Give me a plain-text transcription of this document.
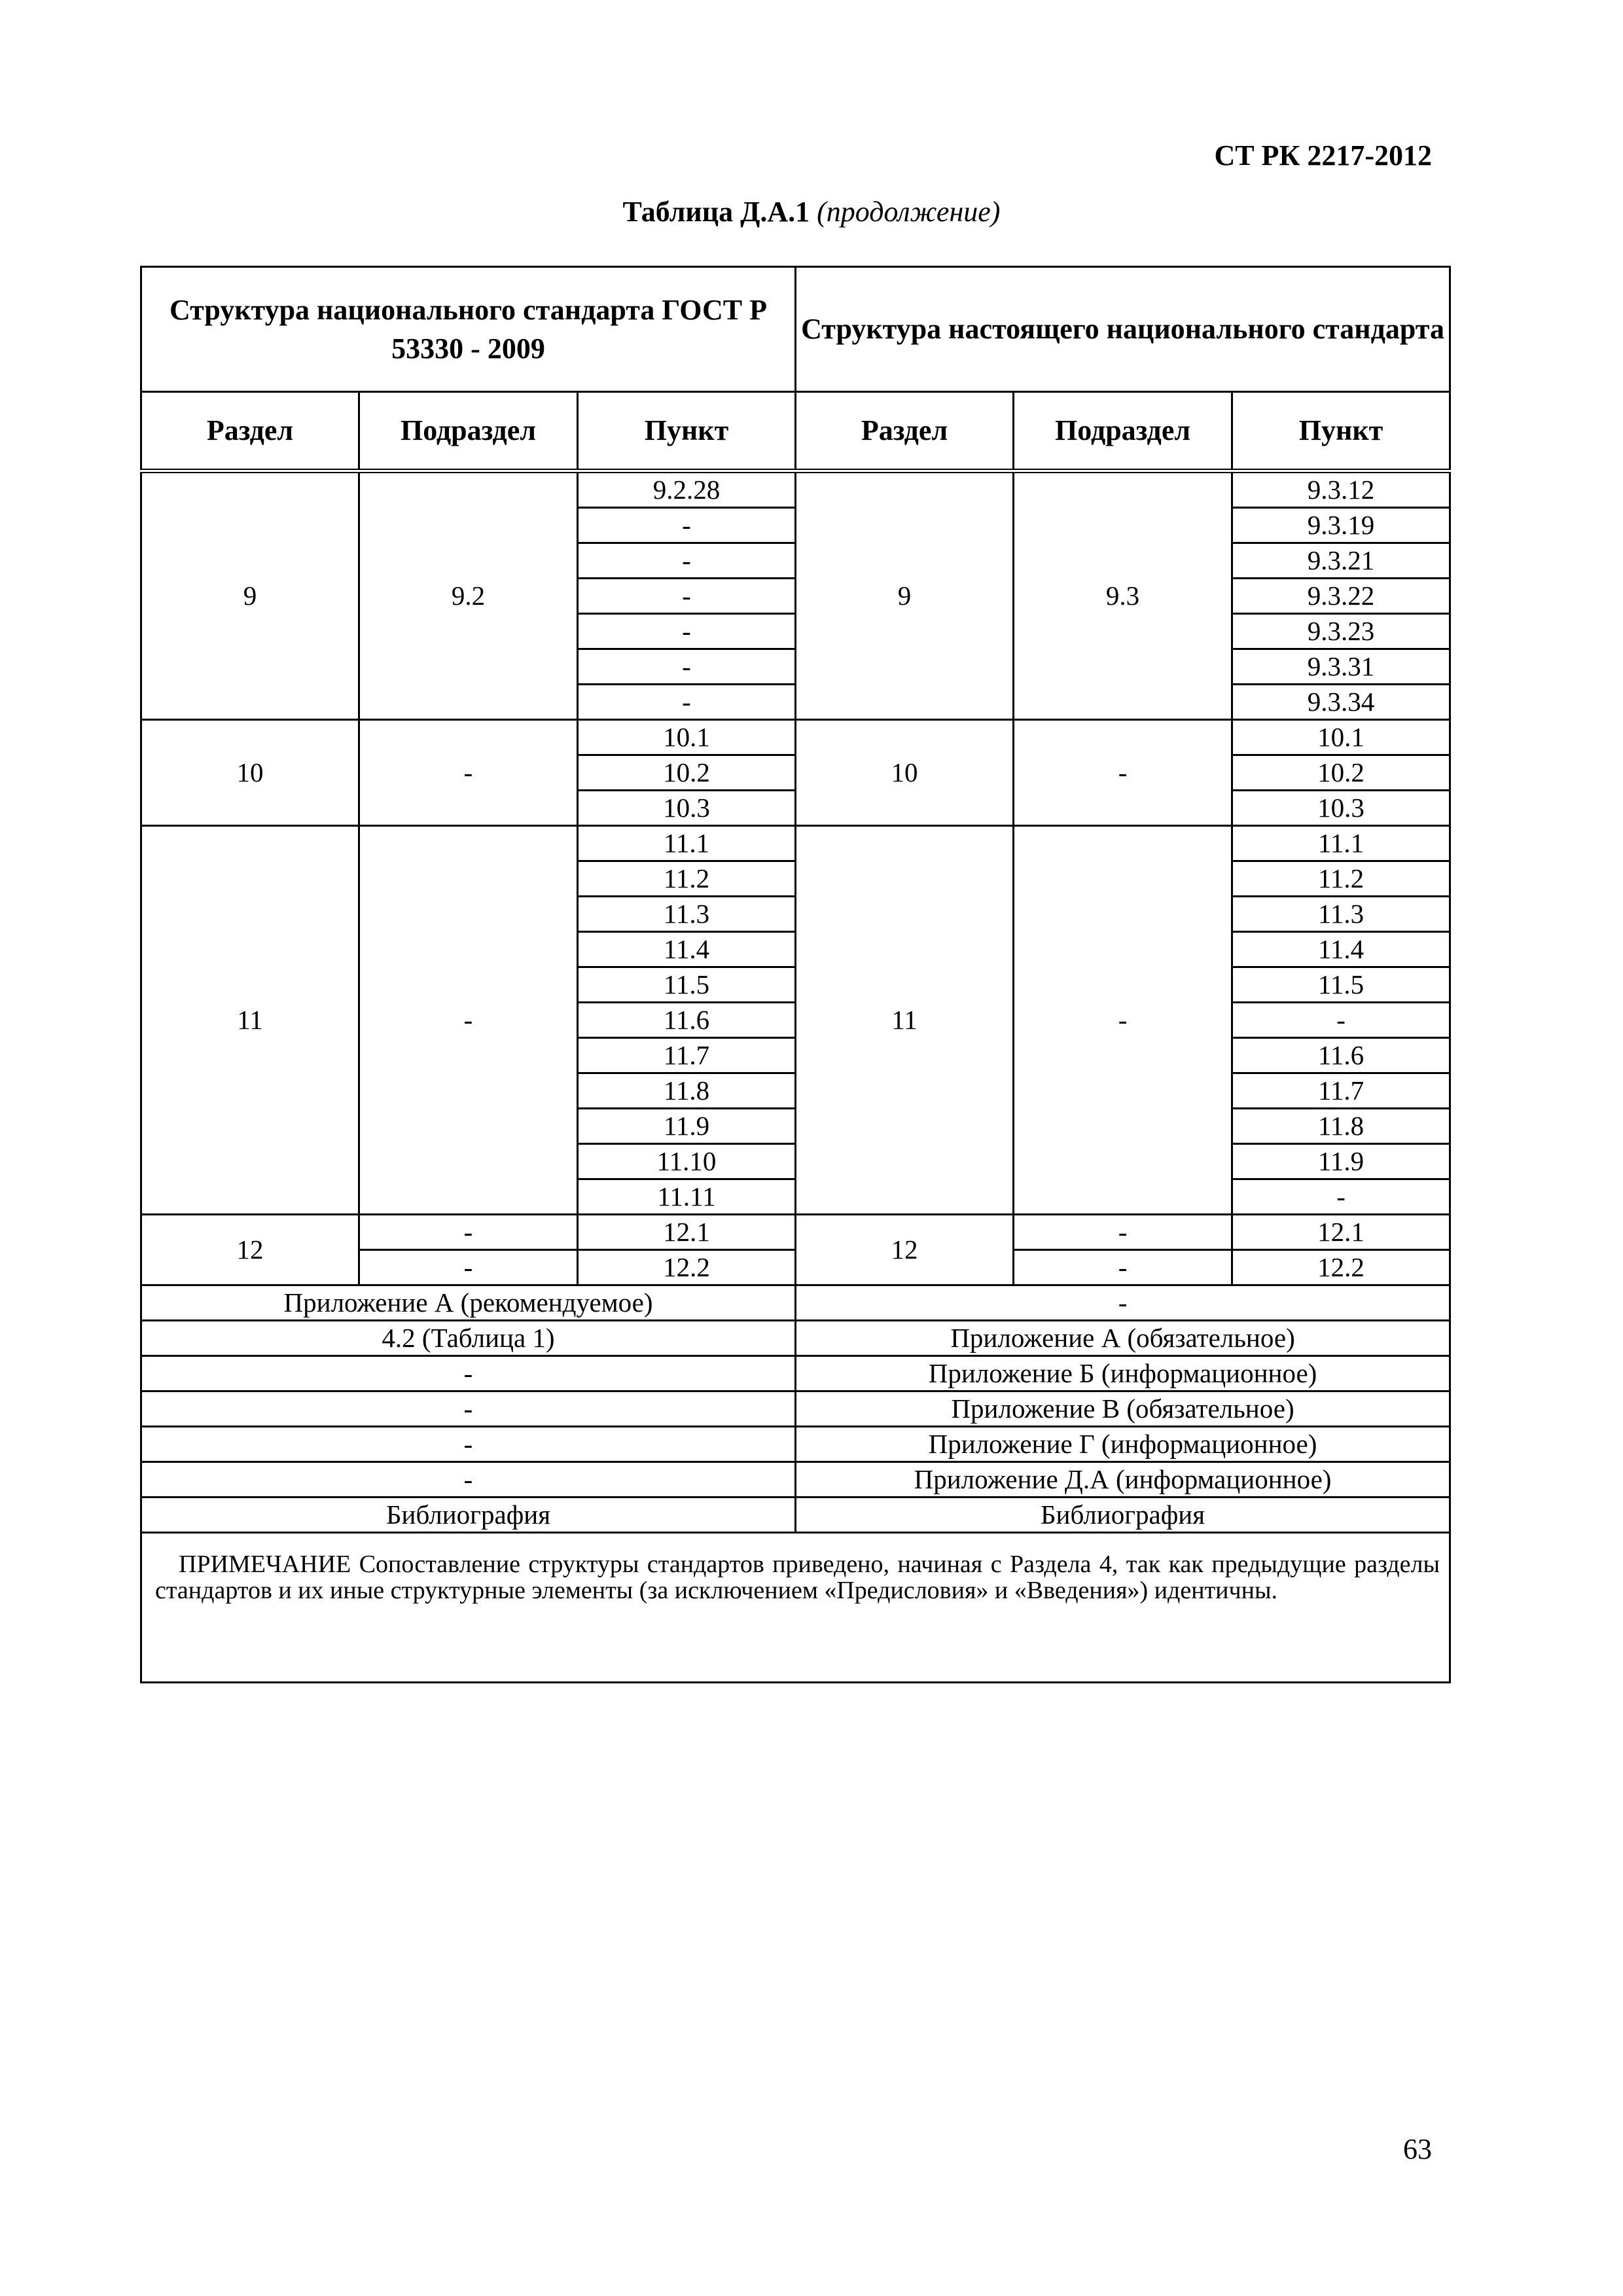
СТ РК 2217-2012
Таблица Д.А.1 (продолжение)
Структура национального стандарта ГОСТ Р 53330 - 2009			Структура настоящего национального стандарта		
Раздел	Подраздел	Пункт	Раздел	Подраздел	Пункт
9	9.2	9.2.28	9	9.3	9.3.12
		-			9.3.19
		-			9.3.21
		-			9.3.22
		-			9.3.23
		-			9.3.31
		-			9.3.34
10	-	10.1	10	-	10.1
		10.2			10.2
		10.3			10.3
11	-	11.1	11	-	11.1
		11.2			11.2
		11.3			11.3
		11.4			11.4
		11.5			11.5
		11.6			-
		11.7			11.6
		11.8			11.7
		11.9			11.8
		11.10			11.9
		11.11			-
12	-	12.1	12	-	12.1
	-	12.2		-	12.2
Приложение А (рекомендуемое)			-		
4.2 (Таблица 1)			Приложение А (обязательное)		
-			Приложение Б (информационное)		
-			Приложение В (обязательное)		
-			Приложение Г (информационное)		
-			Приложение Д.А (информационное)		
Библиография			Библиография		

ПРИМЕЧАНИЕ Сопоставление структуры стандартов приведено, начиная с Раздела 4, так как предыдущие разделы стандартов и их иные структурные элементы (за исключением «Предисловия» и «Введения») идентичны.					
63
